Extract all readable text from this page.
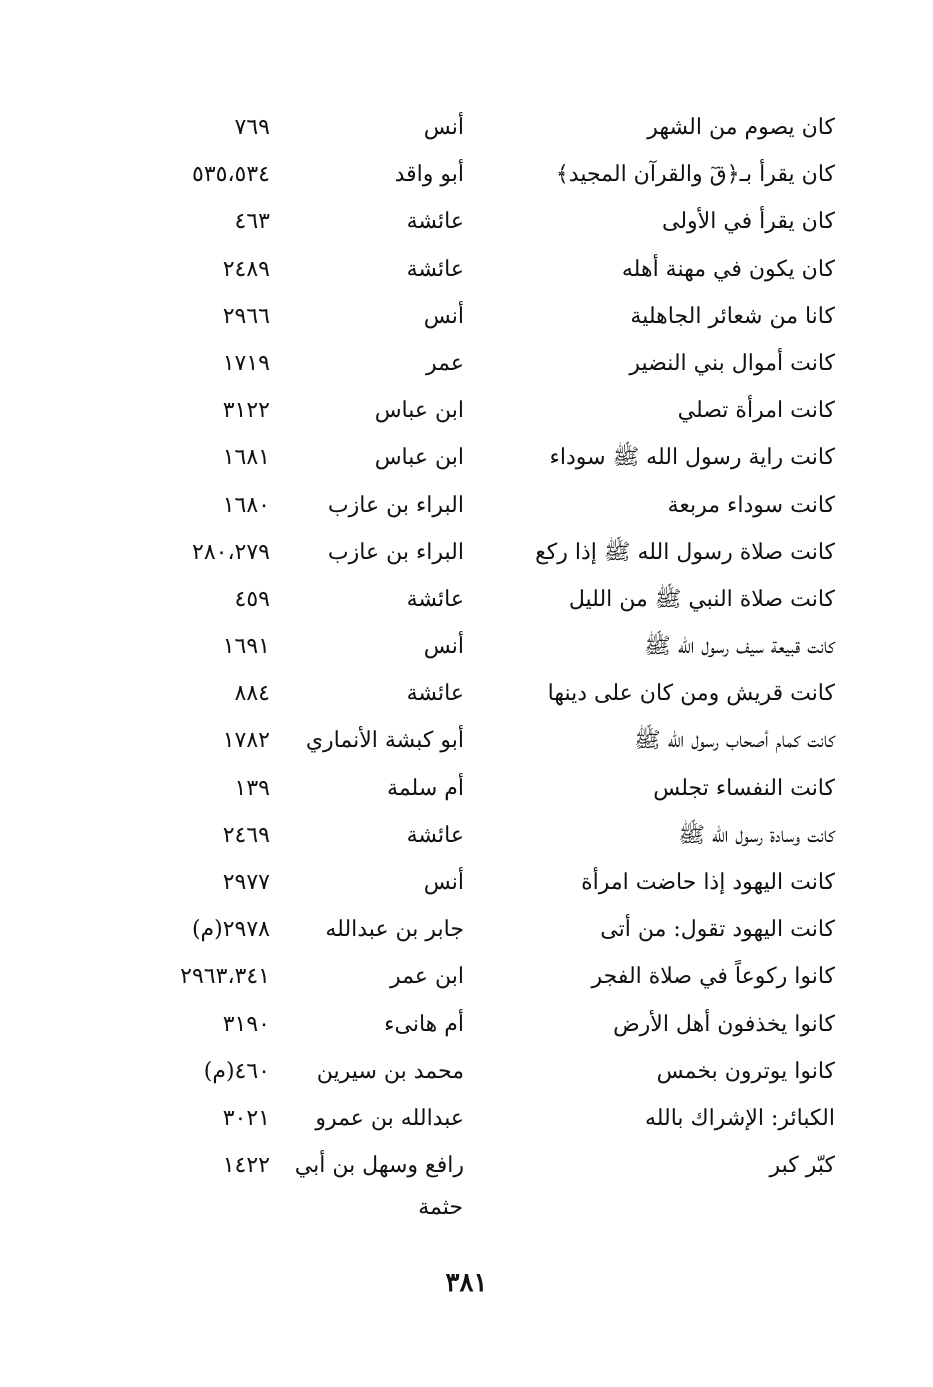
كان يصوم من الشهر
أنس
٧٦٩
كان يقرأ بـ﴿قٓ والقرآن المجيد﴾
أبو واقد
٥٣٥،٥٣٤
كان يقرأ في الأولى
عائشة
٤٦٣
كان يكون في مهنة أهله
عائشة
٢٤٨٩
كانا من شعائر الجاهلية
أنس
٢٩٦٦
كانت أموال بني النضير
عمر
١٧١٩
كانت امرأة تصلي
ابن عباس
٣١٢٢
كانت راية رسول الله ﷺ سوداء
ابن عباس
١٦٨١
كانت سوداء مربعة
البراء بن عازب
١٦٨٠
كانت صلاة رسول الله ﷺ إذا ركع
البراء بن عازب
٢٨٠،٢٧٩
كانت صلاة النبي ﷺ من الليل
عائشة
٤٥٩
كانت قبيعة سيف رسول الله ﷺ
أنس
١٦٩١
كانت قريش ومن كان على دينها
عائشة
٨٨٤
كانت كمام أصحاب رسول الله ﷺ
أبو كبشة الأنماري
١٧٨٢
كانت النفساء تجلس
أم سلمة
١٣٩
كانت وسادة رسول الله ﷺ
عائشة
٢٤٦٩
كانت اليهود إذا حاضت امرأة
أنس
٢٩٧٧
كانت اليهود تقول: من أتى
جابر بن عبدالله
٢٩٧٨(م)
كانوا ركوعاً في صلاة الفجر
ابن عمر
٢٩٦٣،٣٤١
كانوا يخذفون أهل الأرض
أم هانىء
٣١٩٠
كانوا يوترون بخمس
محمد بن سيرين
٤٦٠(م)
الكبائر: الإشراك بالله
عبدالله بن عمرو
٣٠٢١
كبّر كبر
رافع وسهل بن أبي
١٤٢٢
حثمة
٣٨١
